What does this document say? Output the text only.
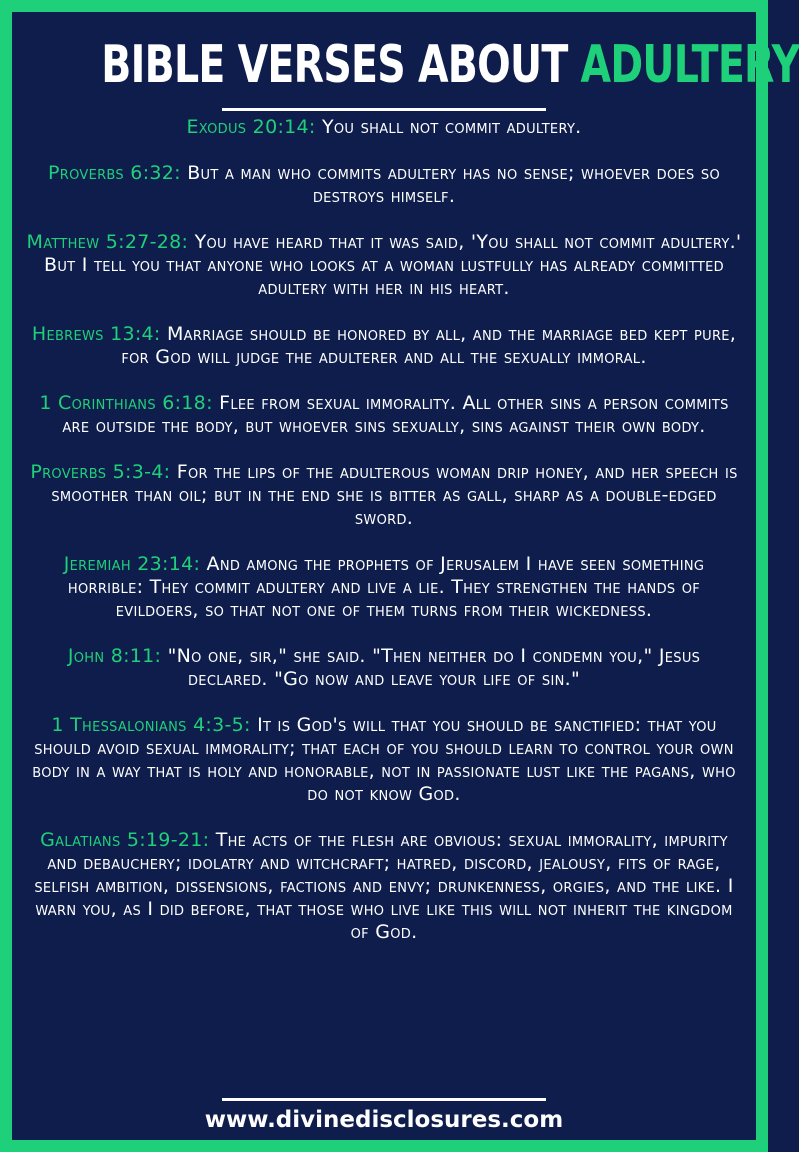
BIBLE VERSES ABOUT ADULTERY

Exodus 20:14: You shall not commit adultery.

Proverbs 6:32: But a man who commits adultery has no sense; whoever does so destroys himself.

Matthew 5:27-28: You have heard that it was said, 'You shall not commit adultery.' But I tell you that anyone who looks at a woman lustfully has already committed adultery with her in his heart.

Hebrews 13:4: Marriage should be honored by all, and the marriage bed kept pure, for God will judge the adulterer and all the sexually immoral.

1 Corinthians 6:18: Flee from sexual immorality. All other sins a person commits are outside the body, but whoever sins sexually, sins against their own body.

Proverbs 5:3-4: For the lips of the adulterous woman drip honey, and her speech is smoother than oil; but in the end she is bitter as gall, sharp as a double-edged sword.

Jeremiah 23:14: And among the prophets of Jerusalem I have seen something horrible: They commit adultery and live a lie. They strengthen the hands of evildoers, so that not one of them turns from their wickedness.

John 8:11: "No one, sir," she said. "Then neither do I condemn you," Jesus declared. "Go now and leave your life of sin."

1 Thessalonians 4:3-5: It is God's will that you should be sanctified: that you should avoid sexual immorality; that each of you should learn to control your own body in a way that is holy and honorable, not in passionate lust like the pagans, who do not know God.

Galatians 5:19-21: The acts of the flesh are obvious: sexual immorality, impurity and debauchery; idolatry and witchcraft; hatred, discord, jealousy, fits of rage, selfish ambition, dissensions, factions and envy; drunkenness, orgies, and the like. I warn you, as I did before, that those who live like this will not inherit the kingdom of God.

www.divinedisclosures.com
